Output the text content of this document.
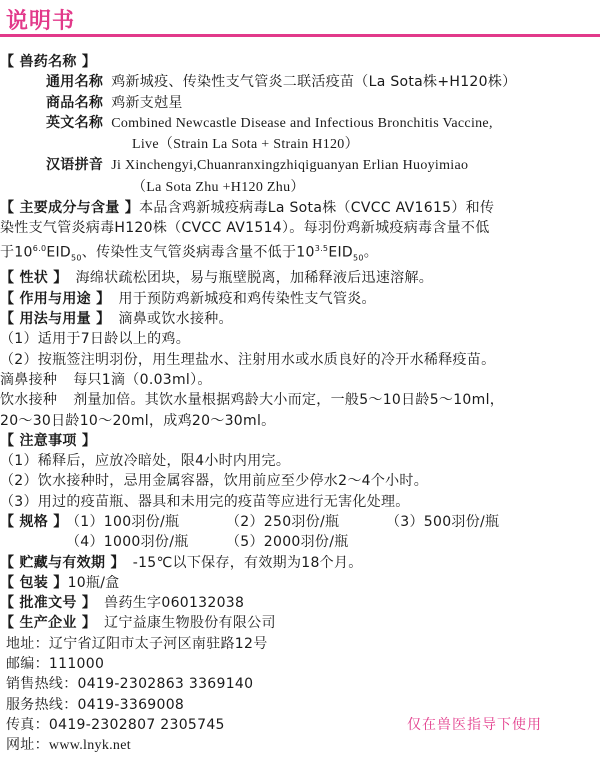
说明书
【 兽药名称 】
通用名称 鸡新城疫、传染性支气管炎二联活疫苗（La Sota株+H120株）
商品名称 鸡新支尅星
英文名称 Combined Newcastle Disease and Infectious Bronchitis Vaccine,
Live（Strain La Sota + Strain H120）
汉语拼音 Ji Xinchengyi,Chuanranxingzhiqiguanyan Erlian Huoyimiao
（La Sota Zhu +H120 Zhu）
【 主要成分与含量 】本品含鸡新城疫病毒La Sota株（CVCC AV1615）和传
染性支气管炎病毒H120株（CVCC AV1514）。每羽份鸡新城疫病毒含量不低
于$10^{6.0}EID_{50}$、传染性支气管炎病毒含量不低于$10^{3.5}EID_{50}$。
【 性状 】 海绵状疏松团块，易与瓶壁脱离，加稀释液后迅速溶解。
【 作用与用途 】 用于预防鸡新城疫和鸡传染性支气管炎。
【 用法与用量 】 滴鼻或饮水接种。
（1）适用于7日龄以上的鸡。
（2）按瓶签注明羽份，用生理盐水、注射用水或水质良好的冷开水稀释疫苗。
滴鼻接种 每只1滴（0.03ml）。
饮水接种 剂量加倍。其饮水量根据鸡龄大小而定，一般5～10日龄5～10ml，
20～30日龄10～20ml，成鸡20～30ml。
【 注意事项 】
（1）稀释后，应放冷暗处，限4小时内用完。
（2）饮水接种时，忌用金属容器，饮用前应至少停水2～4个小时。
（3）用过的疫苗瓶、器具和未用完的疫苗等应进行无害化处理。
【 规格 】（1）100羽份/瓶	（2）250羽份/瓶	（3）500羽份/瓶
（4）1000羽份/瓶	（5）2000羽份/瓶
【 贮藏与有效期 】 -15℃以下保存，有效期为18个月。
【 包装 】10瓶/盒
【 批准文号 】 兽药生字060132038
【 生产企业 】 辽宁益康生物股份有限公司
地址：辽宁省辽阳市太子河区南驻路12号
邮编：111000
销售热线：0419-2302863 3369140
服务热线：0419-3369008
传真：0419-2302807 2305745
网址：www.lnyk.net
仅在兽医指导下使用
